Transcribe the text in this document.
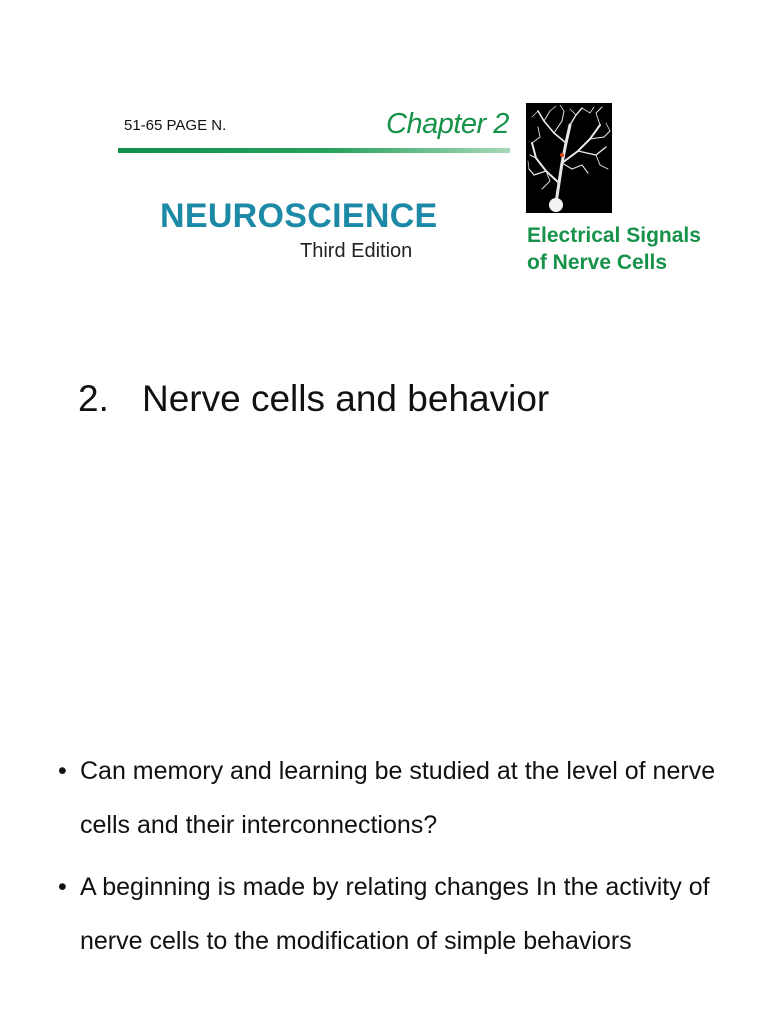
51-65 PAGE N.	Chapter 2
NEUROSCIENCE
Third Edition
Electrical Signals
of Nerve Cells
2. Nerve cells and behavior
• Can memory and learning be studied at the level of nerve cells and their interconnections?
• A beginning is made by relating changes In the activity of nerve cells to the modification of simple behaviors
